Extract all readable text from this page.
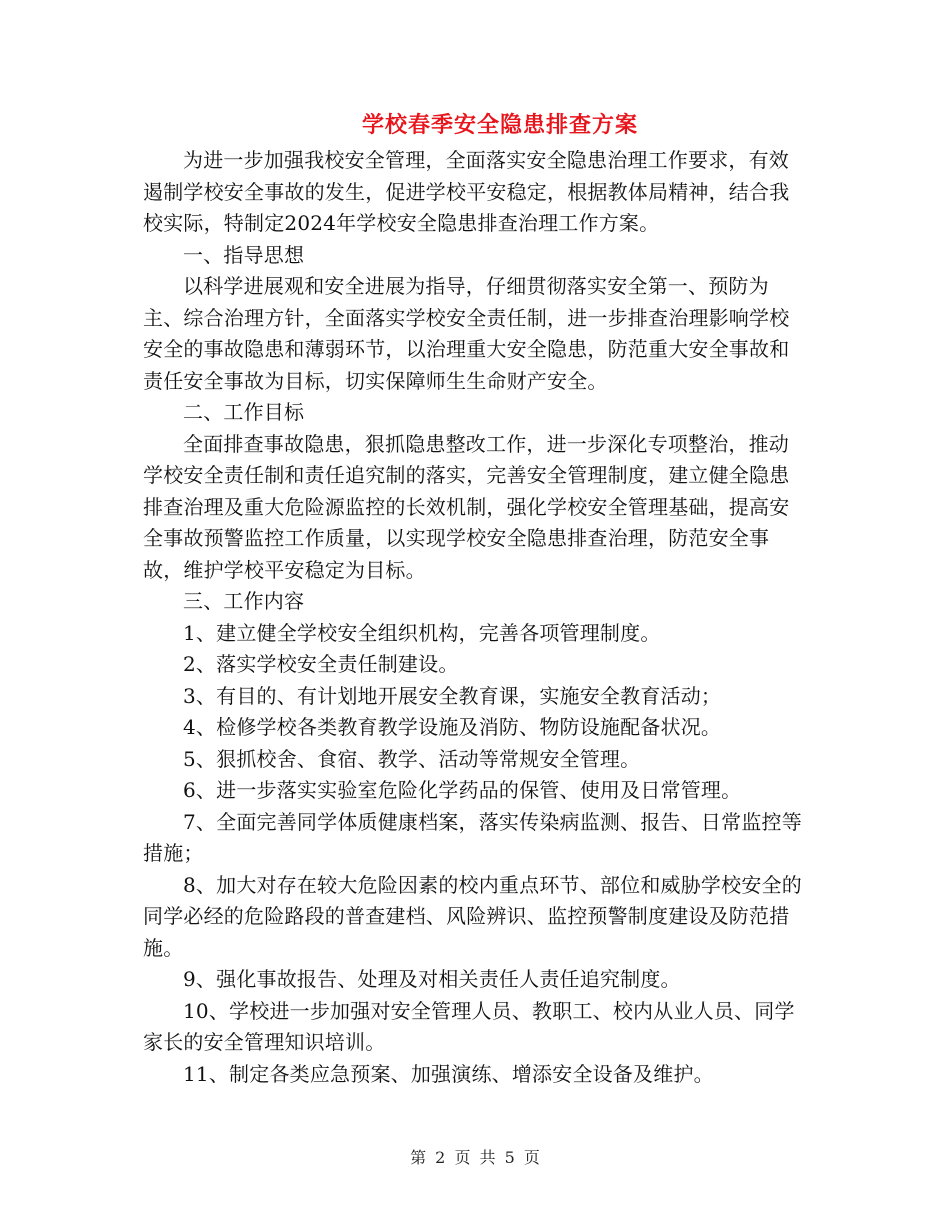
学校春季安全隐患排查方案

为进一步加强我校安全管理，全面落实安全隐患治理工作要求，有效遏制学校安全事故的发生，促进学校平安稳定，根据教体局精神，结合我校实际，特制定2024年学校安全隐患排查治理工作方案。

一、指导思想

以科学进展观和安全进展为指导，仔细贯彻落实安全第一、预防为主、综合治理方针，全面落实学校安全责任制，进一步排查治理影响学校安全的事故隐患和薄弱环节，以治理重大安全隐患，防范重大安全事故和责任安全事故为目标，切实保障师生生命财产安全。

二、工作目标

全面排查事故隐患，狠抓隐患整改工作，进一步深化专项整治，推动学校安全责任制和责任追究制的落实，完善安全管理制度，建立健全隐患排查治理及重大危险源监控的长效机制，强化学校安全管理基础，提高安全事故预警监控工作质量，以实现学校安全隐患排查治理，防范安全事故，维护学校平安稳定为目标。

三、工作内容

1、建立健全学校安全组织机构，完善各项管理制度。

2、落实学校安全责任制建设。

3、有目的、有计划地开展安全教育课，实施安全教育活动；

4、检修学校各类教育教学设施及消防、物防设施配备状况。

5、狠抓校舍、食宿、教学、活动等常规安全管理。

6、进一步落实实验室危险化学药品的保管、使用及日常管理。

7、全面完善同学体质健康档案，落实传染病监测、报告、日常监控等措施；

8、加大对存在较大危险因素的校内重点环节、部位和威胁学校安全的同学必经的危险路段的普查建档、风险辨识、监控预警制度建设及防范措施。

9、强化事故报告、处理及对相关责任人责任追究制度。

10、学校进一步加强对安全管理人员、教职工、校内从业人员、同学家长的安全管理知识培训。

11、制定各类应急预案、加强演练、增添安全设备及维护。

第 2 页 共 5 页
